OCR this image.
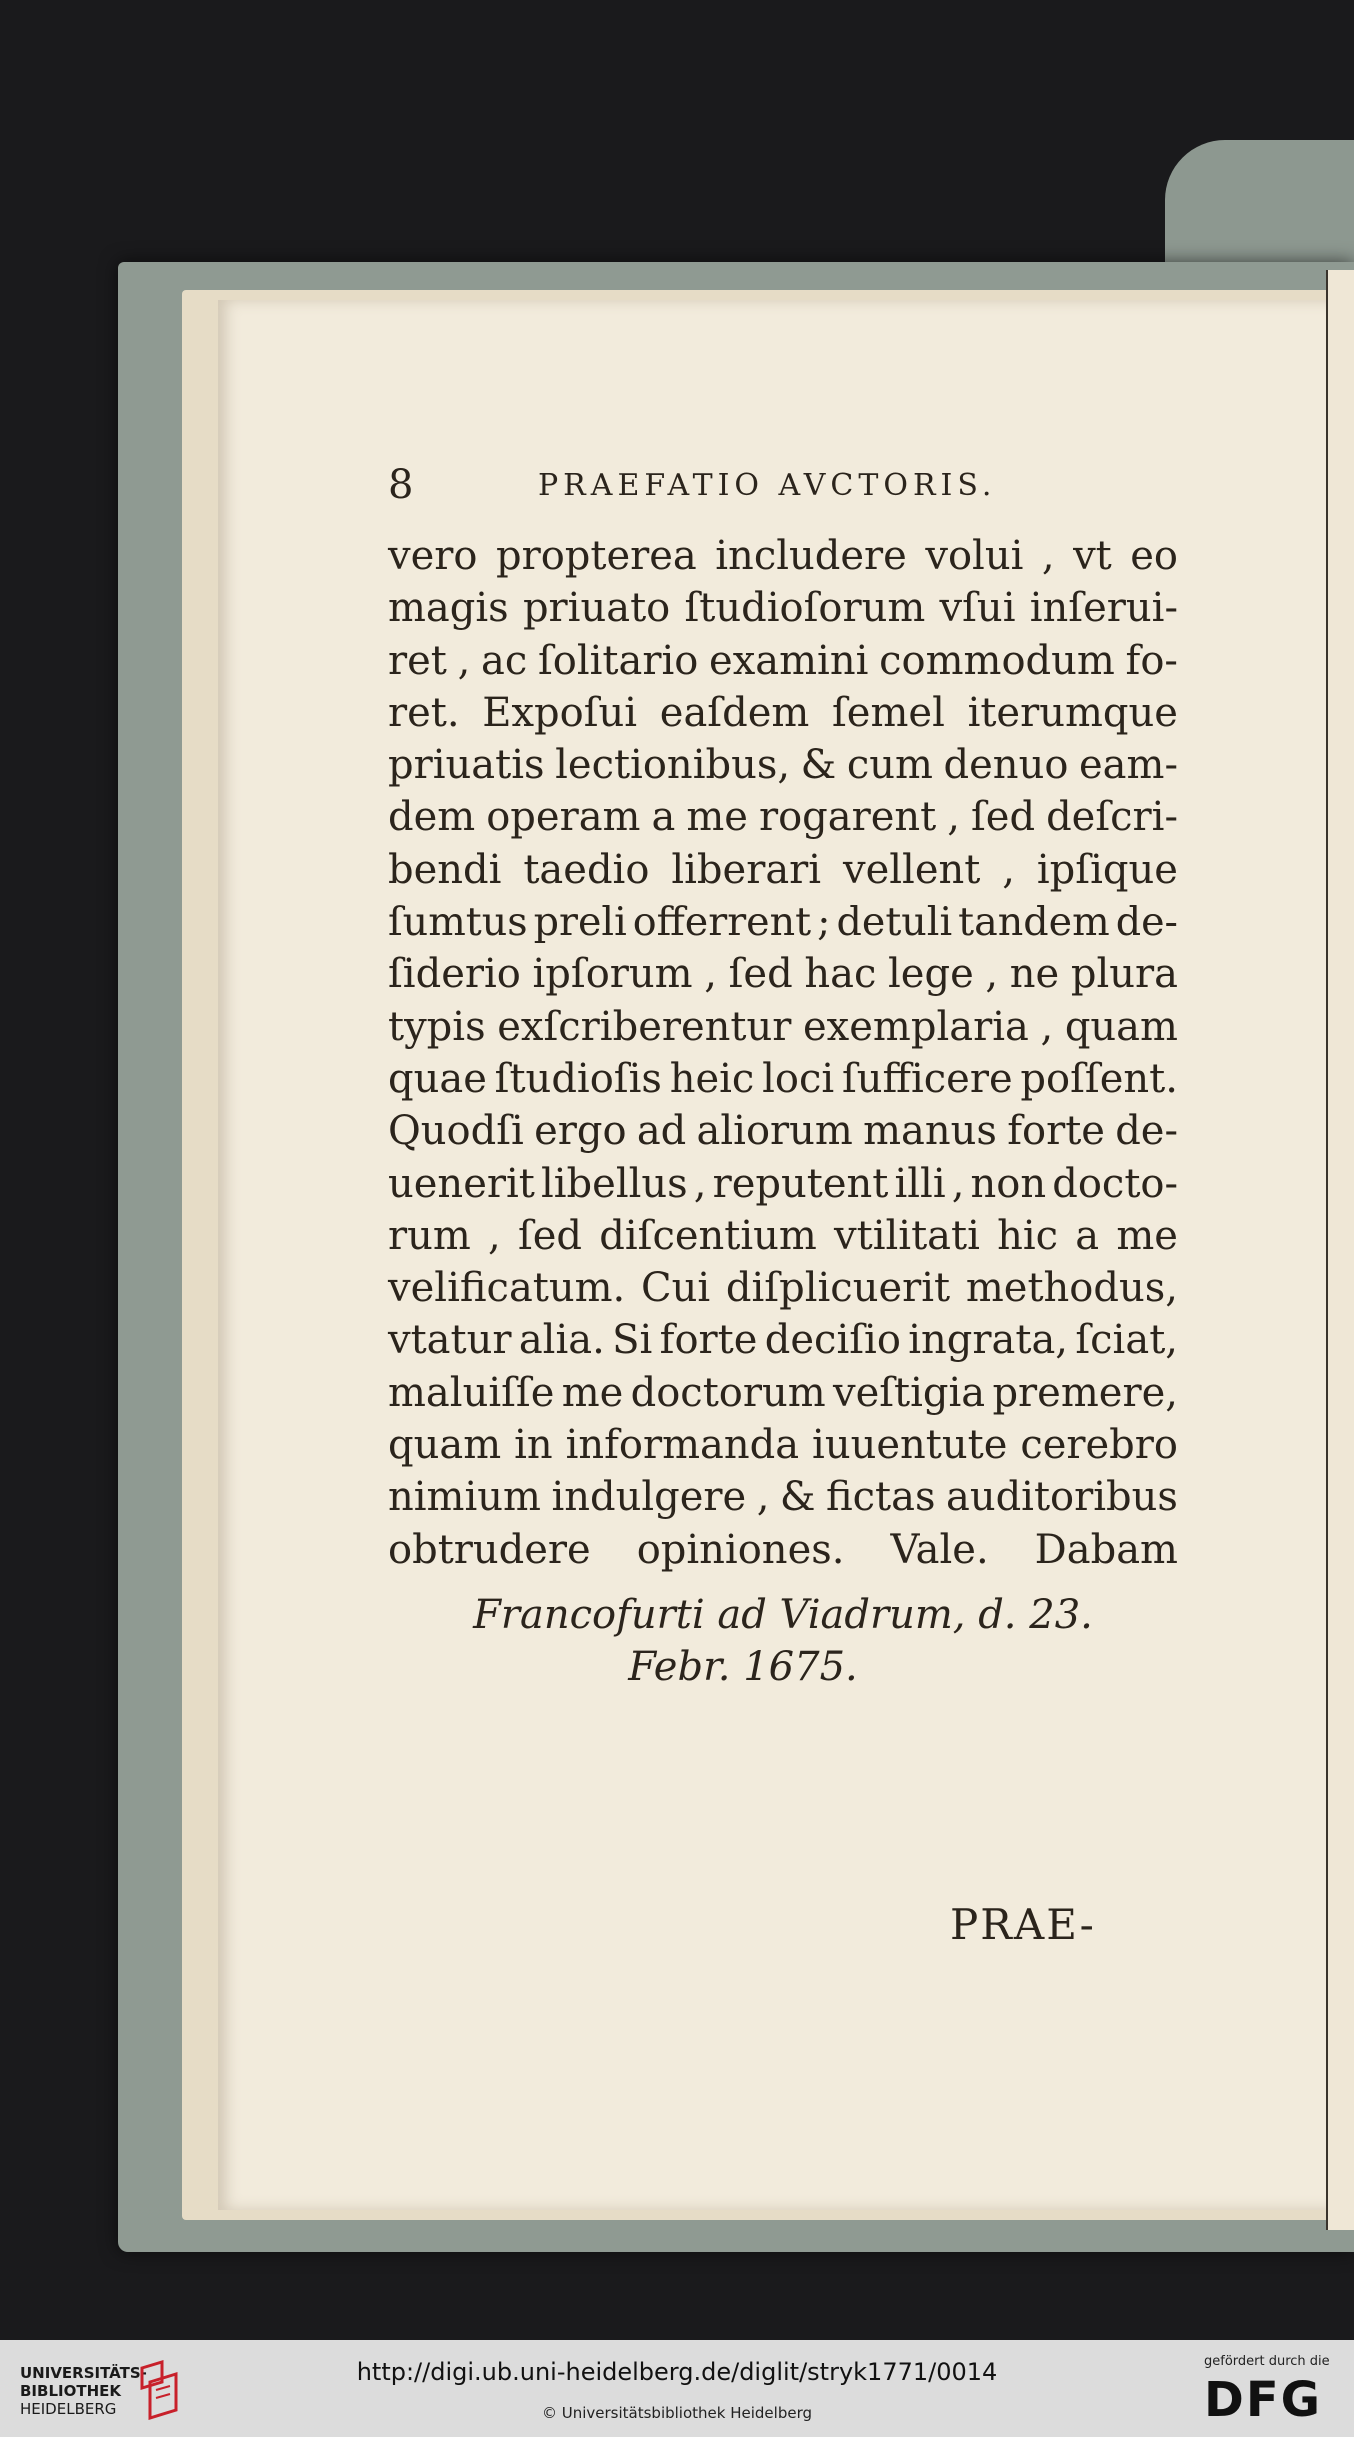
8	PRAEFATIO AVCTORIS.
vero propterea includere volui , vt eo
magis priuato ſtudioſorum vſui inſerui-
ret , ac ſolitario examini commodum fo-
ret. Expoſui eaſdem ſemel iterumque
priuatis lectionibus, & cum denuo eam-
dem operam a me rogarent , ſed deſcri-
bendi taedio liberari vellent , ipſique
ſumtus preli offerrent ; detuli tandem de-
ſiderio ipſorum , ſed hac lege , ne plura
typis exſcriberentur exemplaria , quam
quae ſtudioſis heic loci ſufficere poſſent.
Quodſi ergo ad aliorum manus forte de-
uenerit libellus , reputent illi , non docto-
rum , ſed diſcentium vtilitati hic a me
velificatum. Cui diſplicuerit methodus,
vtatur alia. Si forte deciſio ingrata, ſciat,
maluiſſe me doctorum veſtigia premere,
quam in informanda iuuentute cerebro
nimium indulgere , & fictas auditoribus
obtrudere opiniones. Vale. Dabam
Francofurti ad Viadrum, d. 23.
Febr. 1675.
PRAE-
UNIVERSITÄTS-
BIBLIOTHEK
HEIDELBERG
http://digi.ub.uni-heidelberg.de/diglit/stryk1771/0014
© Universitätsbibliothek Heidelberg
gefördert durch die
DFG
